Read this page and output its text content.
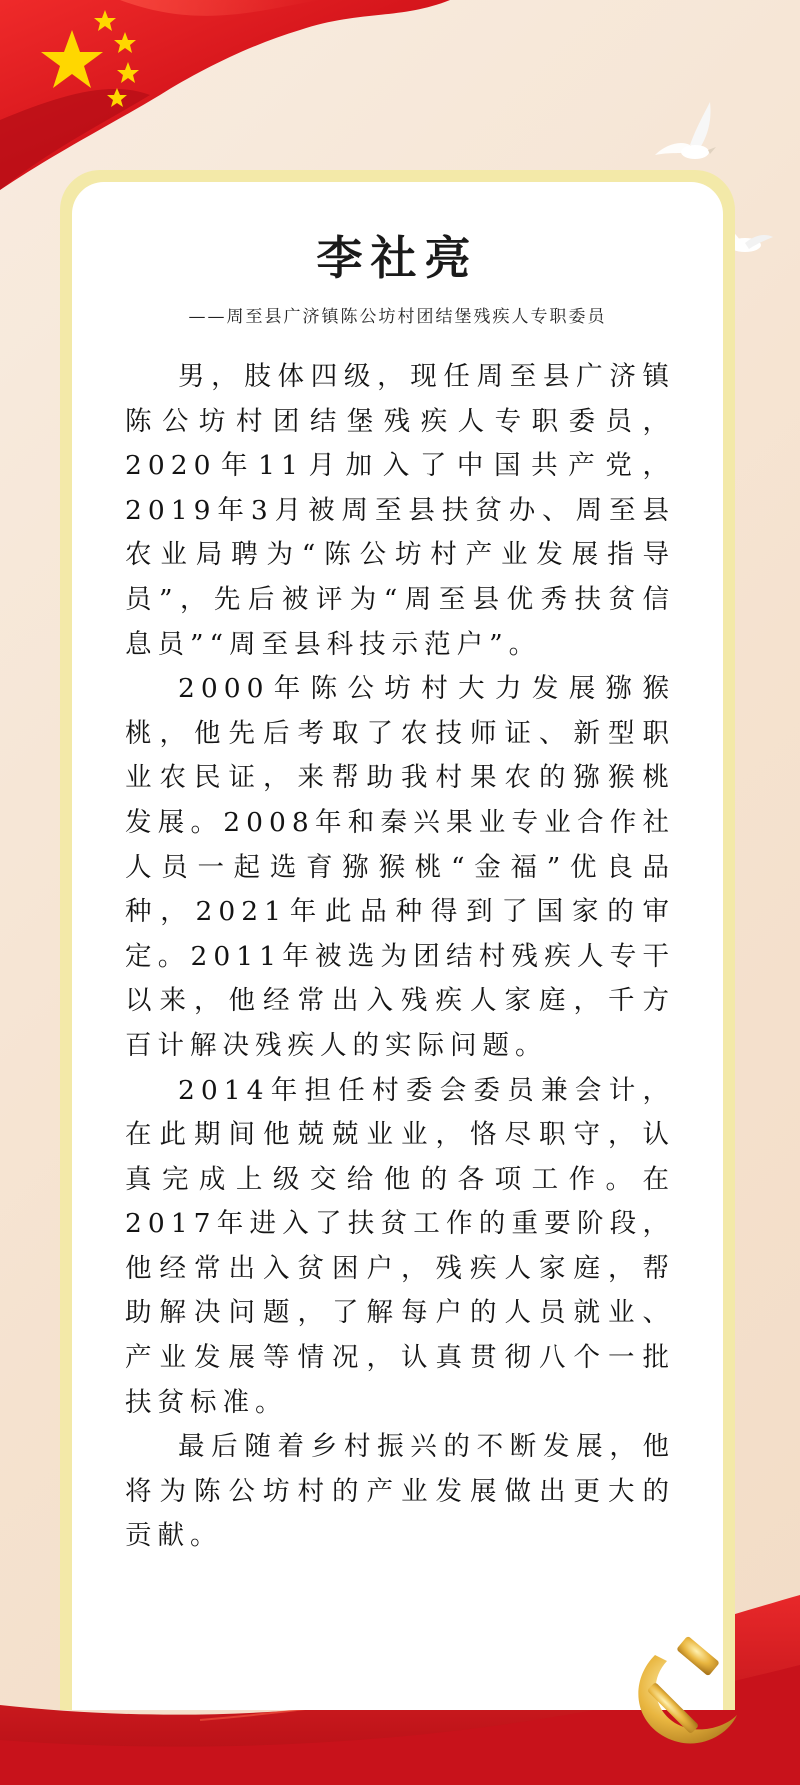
李社亮
——周至县广济镇陈公坊村团结堡残疾人专职委员

男，肢体四级，现任周至县广济镇陈公坊村团结堡残疾人专职委员，2020年11月加入了中国共产党，2019年3月被周至县扶贫办、周至县农业局聘为“陈公坊村产业发展指导员”，先后被评为“周至县优秀扶贫信息员”“周至县科技示范户”。

2000年陈公坊村大力发展猕猴桃，他先后考取了农技师证、新型职业农民证，来帮助我村果农的猕猴桃发展。2008年和秦兴果业专业合作社人员一起选育猕猴桃“金福”优良品种，2021年此品种得到了国家的审定。2011年被选为团结村残疾人专干以来，他经常出入残疾人家庭，千方百计解决残疾人的实际问题。

2014年担任村委会委员兼会计，在此期间他兢兢业业，恪尽职守，认真完成上级交给他的各项工作。在2017年进入了扶贫工作的重要阶段，他经常出入贫困户，残疾人家庭，帮助解决问题，了解每户的人员就业、产业发展等情况，认真贯彻八个一批扶贫标准。

最后随着乡村振兴的不断发展，他将为陈公坊村的产业发展做出更大的贡献。
